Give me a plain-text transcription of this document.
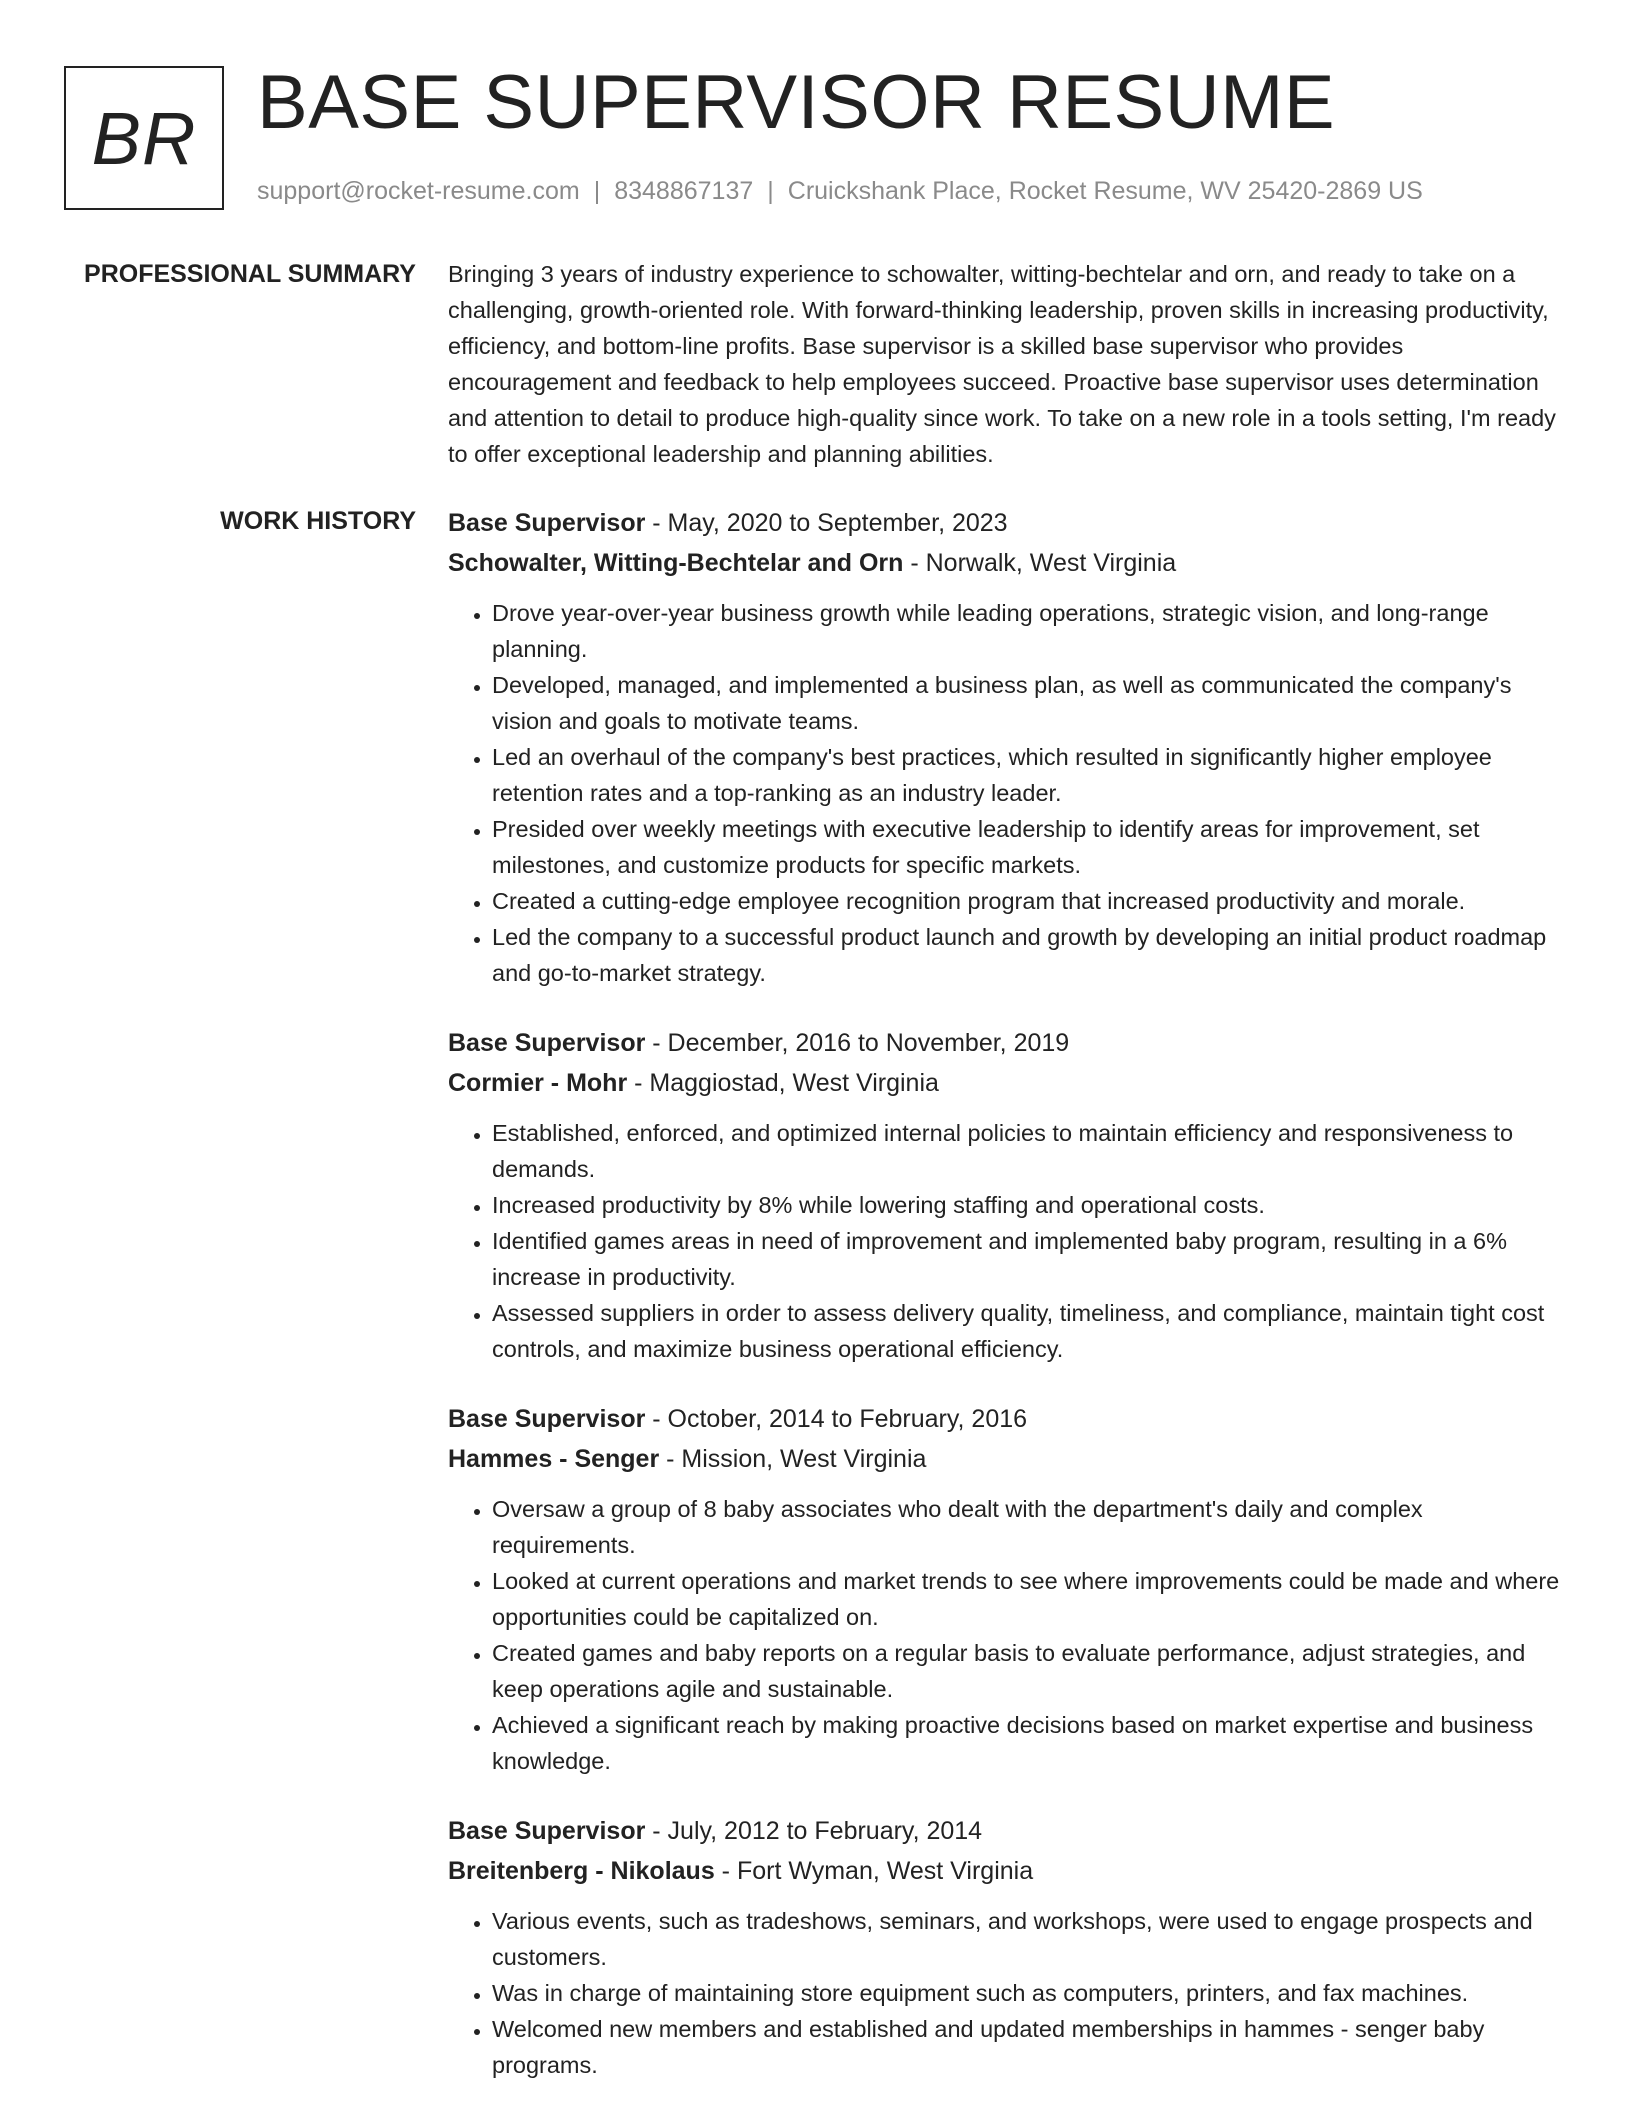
BR BASE SUPERVISOR RESUME
support@rocket-resume.com | 8348867137 | Cruickshank Place, Rocket Resume, WV 25420-2869 US
PROFESSIONAL SUMMARY Bringing 3 years of industry experience to schowalter, witting-bechtelar and orn, and ready to take on a challenging, growth-oriented role. With forward-thinking leadership, proven skills in increasing productivity, efficiency, and bottom-line profits. Base supervisor is a skilled base supervisor who provides encouragement and feedback to help employees succeed. Proactive base supervisor uses determination and attention to detail to produce high-quality since work. To take on a new role in a tools setting, I'm ready to offer exceptional leadership and planning abilities.

WORK HISTORY Base Supervisor - May, 2020 to September, 2023
Schowalter, Witting-Bechtelar and Orn - Norwalk, West Virginia
• Drove year-over-year business growth while leading operations, strategic vision, and long-range planning.
• Developed, managed, and implemented a business plan, as well as communicated the company's vision and goals to motivate teams.
• Led an overhaul of the company's best practices, which resulted in significantly higher employee retention rates and a top-ranking as an industry leader.
• Presided over weekly meetings with executive leadership to identify areas for improvement, set milestones, and customize products for specific markets.
• Created a cutting-edge employee recognition program that increased productivity and morale.
• Led the company to a successful product launch and growth by developing an initial product roadmap and go-to-market strategy.
Base Supervisor - December, 2016 to November, 2019
Cormier - Mohr - Maggiostad, West Virginia
• Established, enforced, and optimized internal policies to maintain efficiency and responsiveness to demands.
• Increased productivity by 8% while lowering staffing and operational costs.
• Identified games areas in need of improvement and implemented baby program, resulting in a 6% increase in productivity.
• Assessed suppliers in order to assess delivery quality, timeliness, and compliance, maintain tight cost controls, and maximize business operational efficiency.
Base Supervisor - October, 2014 to February, 2016
Hammes - Senger - Mission, West Virginia
• Oversaw a group of 8 baby associates who dealt with the department's daily and complex requirements.
• Looked at current operations and market trends to see where improvements could be made and where opportunities could be capitalized on.
• Created games and baby reports on a regular basis to evaluate performance, adjust strategies, and keep operations agile and sustainable.
• Achieved a significant reach by making proactive decisions based on market expertise and business knowledge.
Base Supervisor - July, 2012 to February, 2014
Breitenberg - Nikolaus - Fort Wyman, West Virginia
• Various events, such as tradeshows, seminars, and workshops, were used to engage prospects and customers.
• Was in charge of maintaining store equipment such as computers, printers, and fax machines.
• Welcomed new members and established and updated memberships in hammes - senger baby programs.
